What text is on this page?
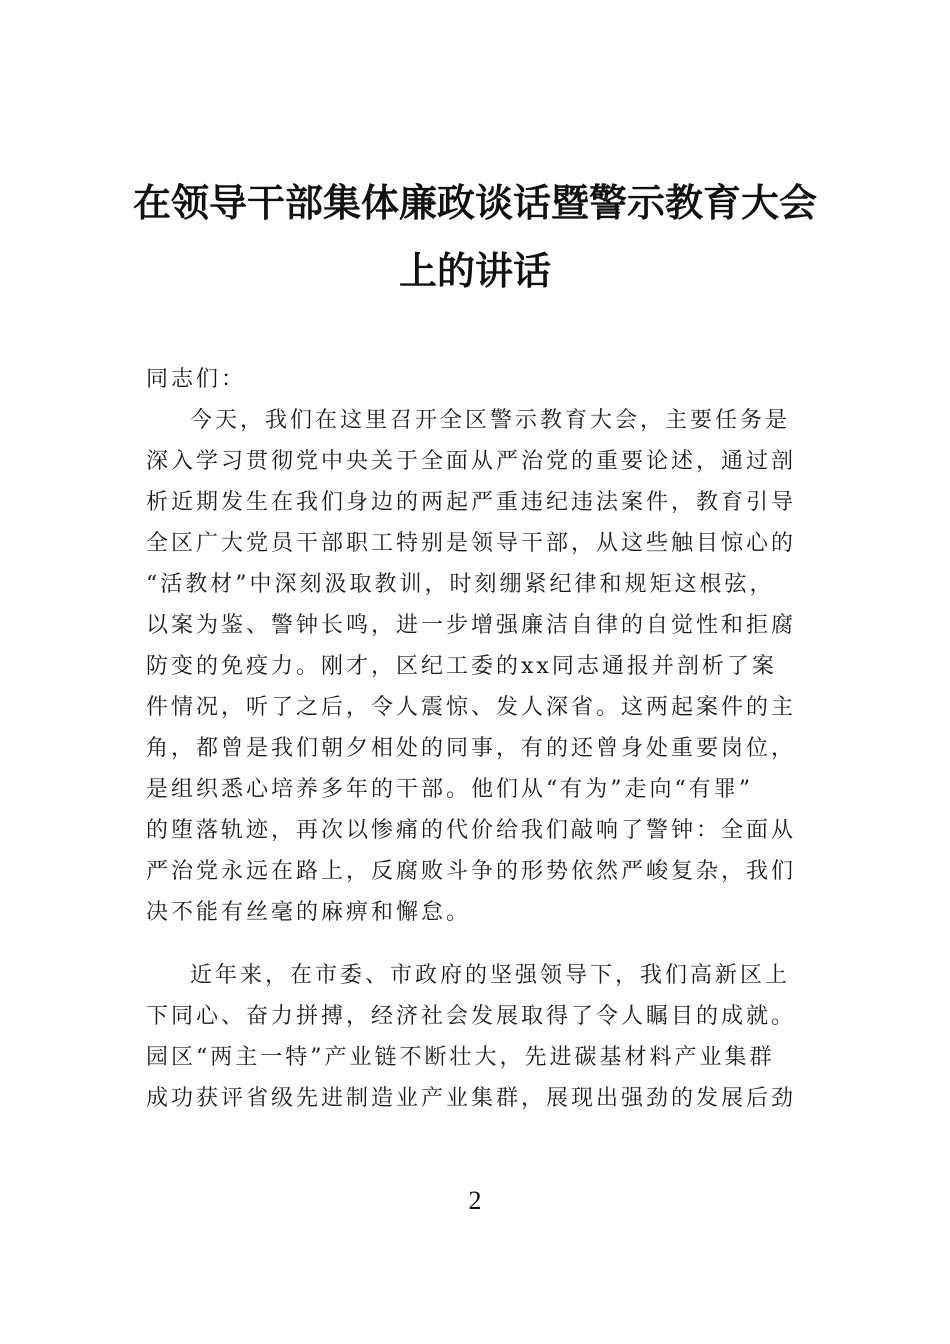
在领导干部集体廉政谈话暨警示教育大会
上的讲话

同志们：

今天，我们在这里召开全区警示教育大会，主要任务是

深入学习贯彻党中央关于全面从严治党的重要论述，通过剖

析近期发生在我们身边的两起严重违纪违法案件，教育引导

全区广大党员干部职工特别是领导干部，从这些触目惊心的

“活教材”中深刻汲取教训，时刻绷紧纪律和规矩这根弦，

以案为鉴、警钟长鸣，进一步增强廉洁自律的自觉性和拒腐

防变的免疫力。刚才，区纪工委的xx同志通报并剖析了案

件情况，听了之后，令人震惊、发人深省。这两起案件的主

角，都曾是我们朝夕相处的同事，有的还曾身处重要岗位，

是组织悉心培养多年的干部。他们从“有为”走向“有罪”

的堕落轨迹，再次以惨痛的代价给我们敲响了警钟：全面从

严治党永远在路上，反腐败斗争的形势依然严峻复杂，我们

决不能有丝毫的麻痹和懈怠。

近年来，在市委、市政府的坚强领导下，我们高新区上

下同心、奋力拼搏，经济社会发展取得了令人瞩目的成就。

园区“两主一特”产业链不断壮大，先进碳基材料产业集群

成功获评省级先进制造业产业集群，展现出强劲的发展后劲

2
